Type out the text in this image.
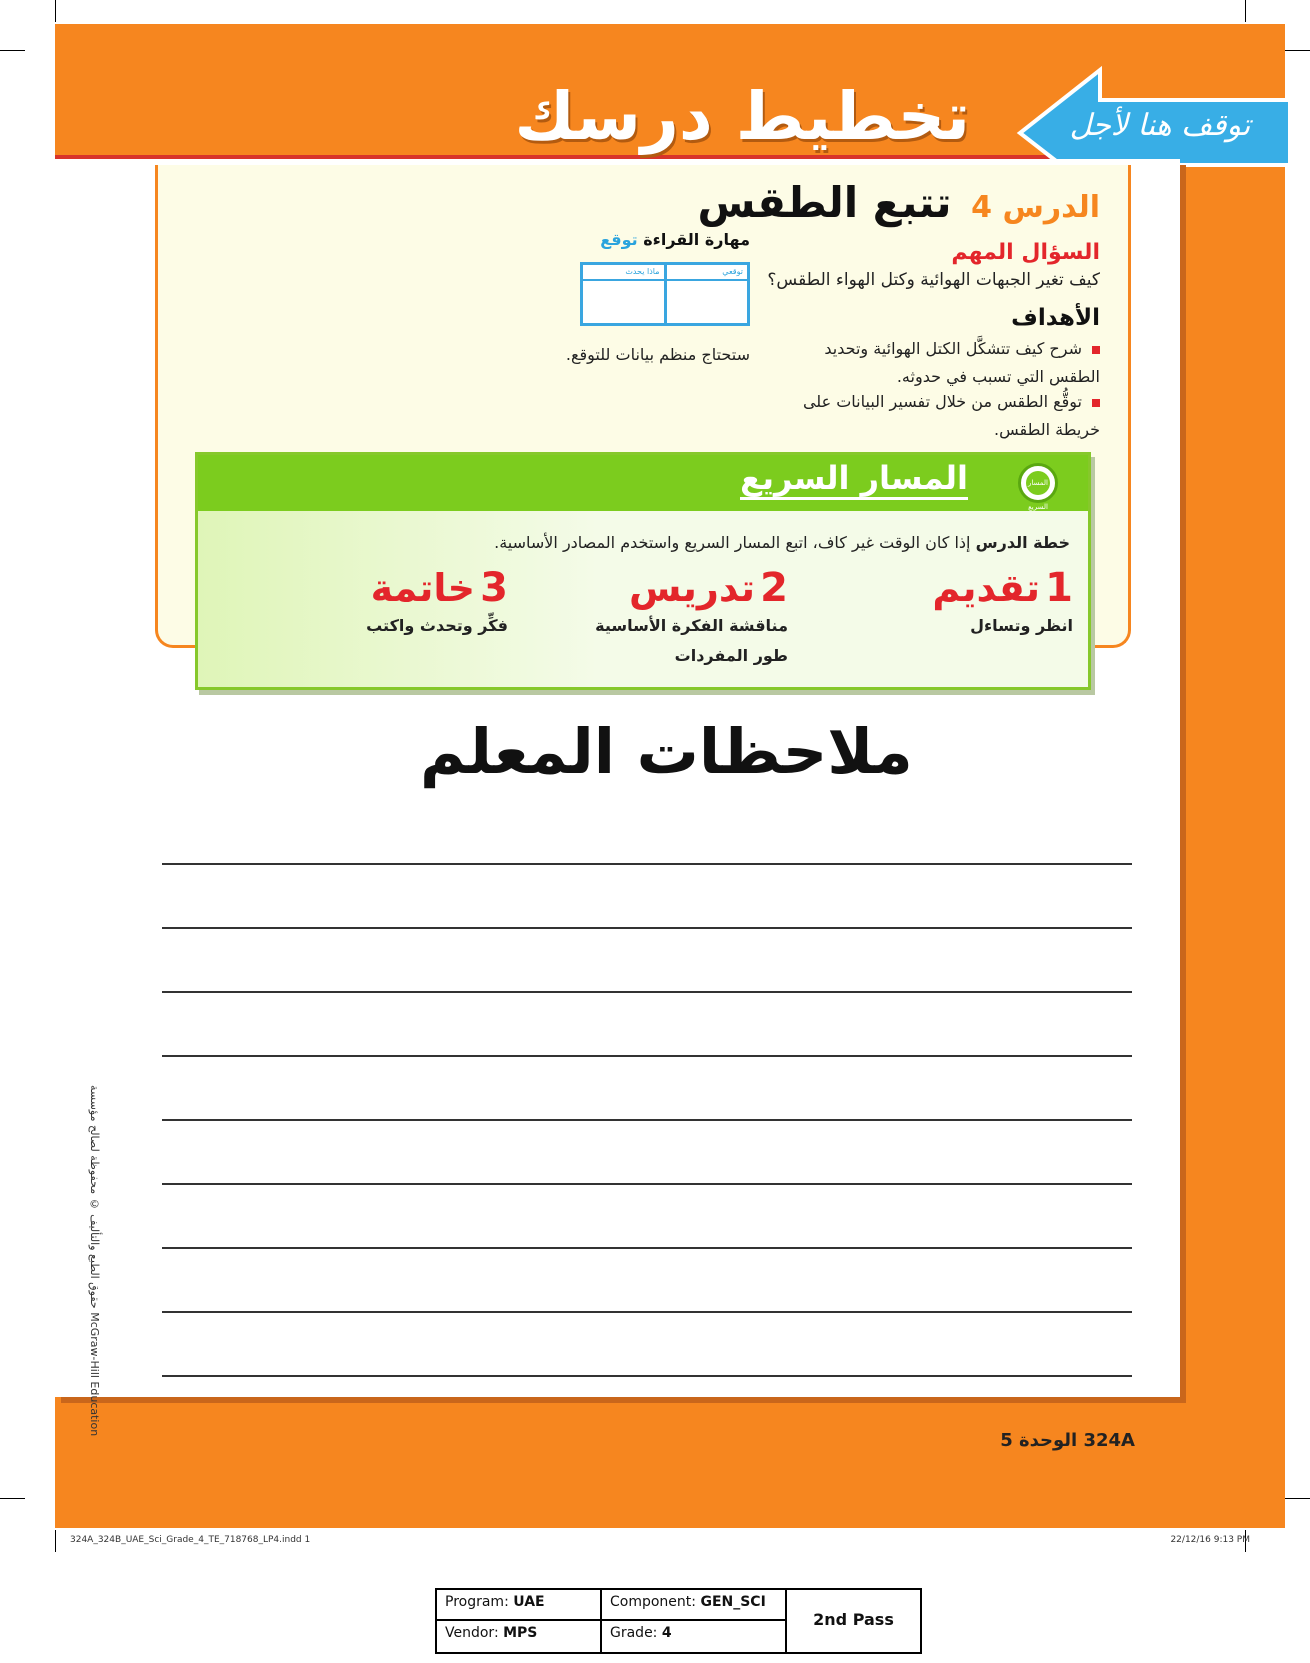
تخطيط درسك	توقف هنا لأجل
الدرس 4 تتبع الطقس
السؤال المهم
كيف تغير الجبهات الهوائية وكتل الهواء الطقس؟
الأهداف
شرح كيف تتشكَّل الكتل الهوائية وتحديد الطقس التي تسبب في حدوثه.
توقُّع الطقس من خلال تفسير البيانات على خريطة الطقس.
مهارة القراءة توقع
توقعي
ماذا يحدث
ستحتاج منظم بيانات للتوقع.
المسار السريع	المسار السريع
خطة الدرس إذا كان الوقت غير كاف، اتبع المسار السريع واستخدم المصادر الأساسية.
1 تقديم
انظر وتساءل
2 تدريس
مناقشة الفكرة الأساسية
طور المفردات
3 خاتمة
فكِّر وتحدث واكتب
ملاحظات المعلم
حقوق الطبع والتأليف © محفوظة لصالح مؤسسة McGraw-Hill Education
324A الوحدة 5
324A_324B_UAE_Sci_Grade_4_TE_718768_LP4.indd 1	22/12/16 9:13 PM
Program: UAE	Component: GEN_SCI
Vendor: MPS	Grade: 4
2nd Pass
